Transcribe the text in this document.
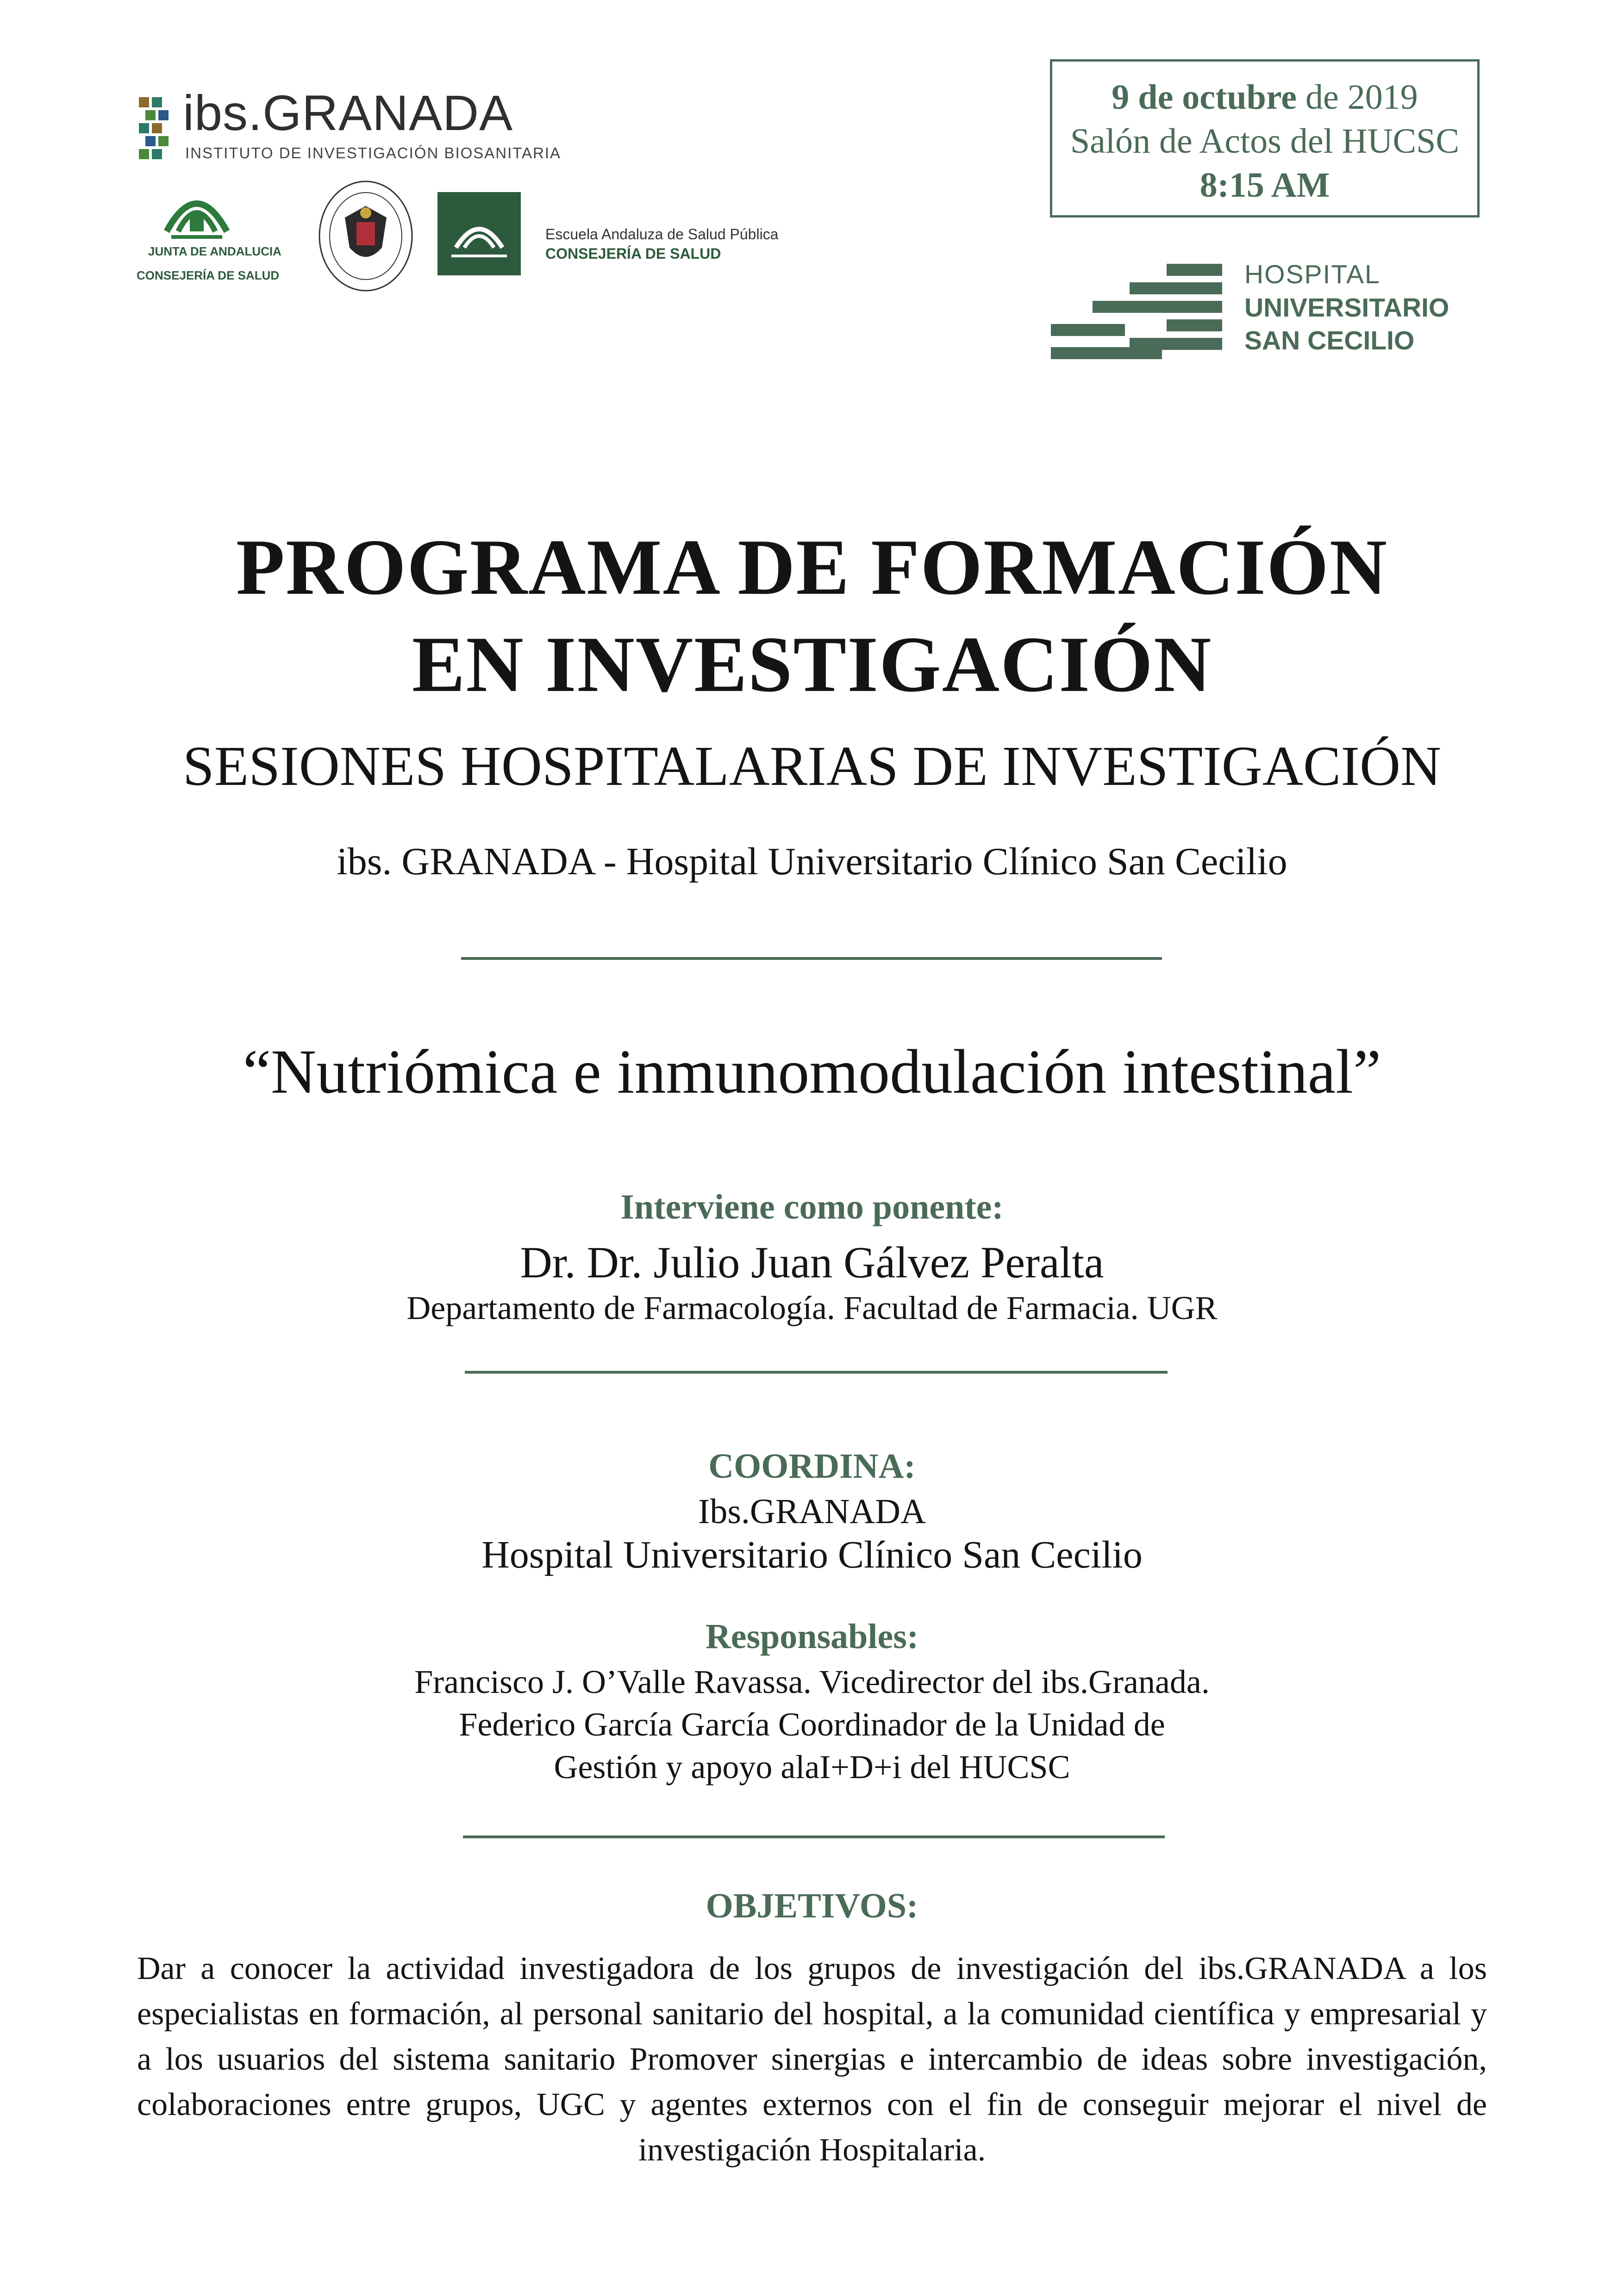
ibs.GRANADA
INSTITUTO DE INVESTIGACIÓN BIOSANITARIA
JUNTA DE ANDALUCIA
CONSEJERÍA DE SALUD
Escuela Andaluza de Salud Pública
CONSEJERÍA DE SALUD
9 de octubre de 2019
Salón de Actos del HUCSC
8:15 AM
HOSPITAL
UNIVERSITARIO
SAN CECILIO
PROGRAMA DE FORMACIÓN
EN INVESTIGACIÓN
SESIONES HOSPITALARIAS DE INVESTIGACIÓN
ibs. GRANADA - Hospital Universitario Clínico San Cecilio
“Nutriómica e inmunomodulación intestinal”
Interviene como ponente:
Dr. Dr. Julio Juan Gálvez Peralta
Departamento de Farmacología. Facultad de Farmacia. UGR
COORDINA:
Ibs.GRANADA
Hospital Universitario Clínico San Cecilio
Responsables:
Francisco J. O’Valle Ravassa. Vicedirector del ibs.Granada.
Federico García García Coordinador de la Unidad de
Gestión y apoyo alaI+D+i del HUCSC
OBJETIVOS:
Dar a conocer la actividad investigadora de los grupos de investigación del ibs.GRANADA a los especialistas en formación, al personal sanitario del hospital, a la comunidad científica y empresarial y a los usuarios del sistema sanitario Promover sinergias e intercambio de ideas sobre investigación, colaboraciones entre grupos, UGC y agentes externos con el fin de conseguir mejorar el nivel de investigación Hospitalaria.
